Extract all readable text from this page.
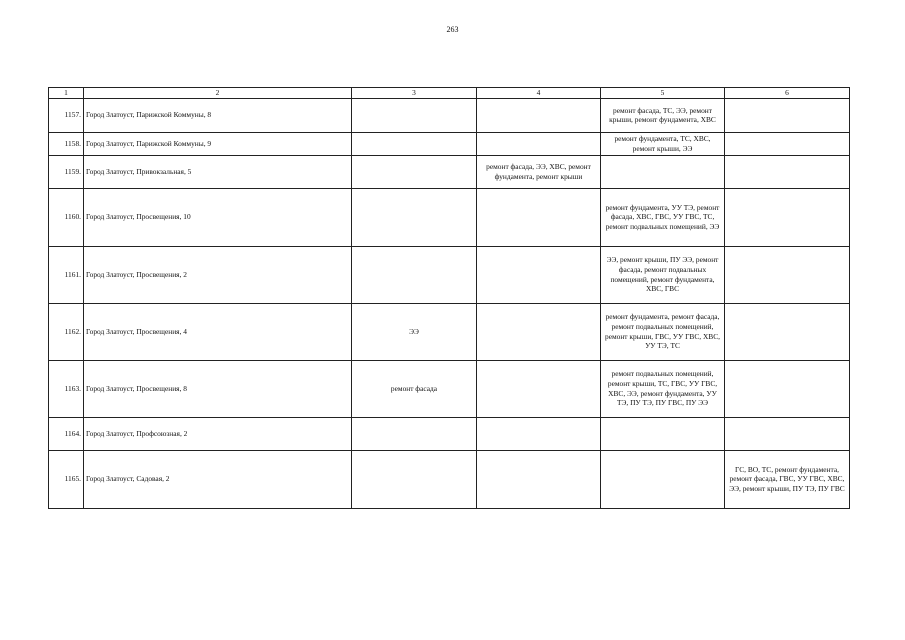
263
1	2	3	4	5	6
1157.	Город Златоуст, Парижской Коммуны, 8			ремонт фасада, ТС, ЭЭ, ремонт крыши, ремонт фундамента, ХВС	
1158.	Город Златоуст, Парижской Коммуны, 9			ремонт фундамента, ТС, ХВС, ремонт крыши, ЭЭ	
1159.	Город Златоуст, Привокзальная, 5		ремонт фасада, ЭЭ, ХВС, ремонт фундамента, ремонт крыши		
1160.	Город Златоуст, Просвещения, 10			ремонт фундамента, УУ ТЭ, ремонт фасада, ХВС, ГВС, УУ ГВС, ТС, ремонт подвальных помещений, ЭЭ	
1161.	Город Златоуст, Просвещения, 2			ЭЭ, ремонт крыши, ПУ ЭЭ, ремонт фасада, ремонт подвальных помещений, ремонт фундамента, ХВС, ГВС	
1162.	Город Златоуст, Просвещения, 4	ЭЭ		ремонт фундамента, ремонт фасада, ремонт подвальных помещений, ремонт крыши, ГВС, УУ ГВС, ХВС, УУ ТЭ, ТС	
1163.	Город Златоуст, Просвещения, 8	ремонт фасада		ремонт подвальных помещений, ремонт крыши, ТС, ГВС, УУ ГВС, ХВС, ЭЭ, ремонт фундамента, УУ ТЭ, ПУ ТЭ, ПУ ГВС, ПУ ЭЭ	
1164.	Город Златоуст, Профсоюзная, 2				
1165.	Город Златоуст, Садовая, 2				ГС, ВО, ТС, ремонт фундамента, ремонт фасада, ГВС, УУ ГВС, ХВС, ЭЭ, ремонт крыши, ПУ ТЭ, ПУ ГВС
